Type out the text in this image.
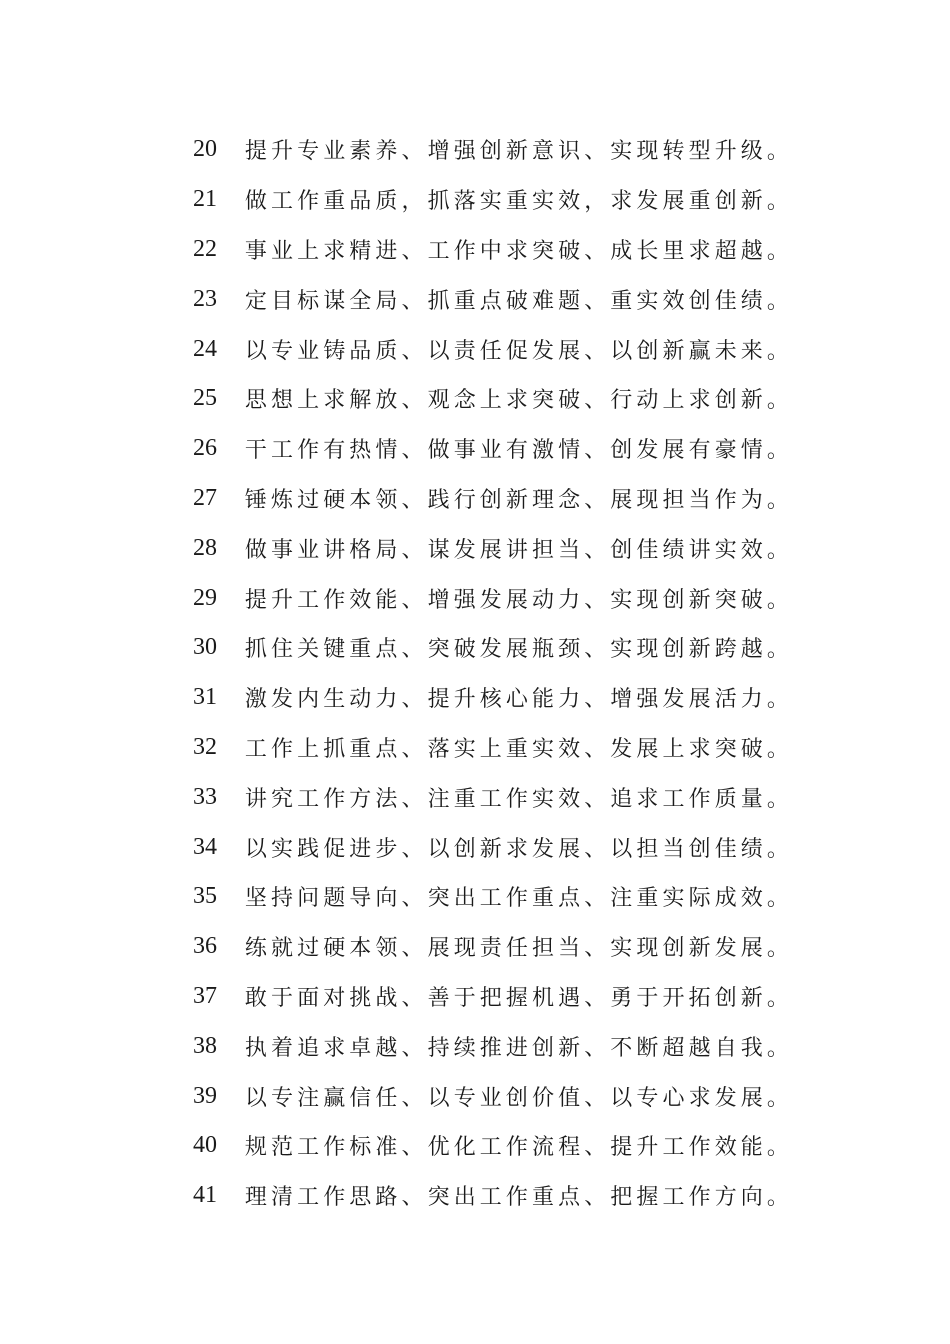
20	提升专业素养、增强创新意识、实现转型升级。
21	做工作重品质，抓落实重实效，求发展重创新。
22	事业上求精进、工作中求突破、成长里求超越。
23	定目标谋全局、抓重点破难题、重实效创佳绩。
24	以专业铸品质、以责任促发展、以创新赢未来。
25	思想上求解放、观念上求突破、行动上求创新。
26	干工作有热情、做事业有激情、创发展有豪情。
27	锤炼过硬本领、践行创新理念、展现担当作为。
28	做事业讲格局、谋发展讲担当、创佳绩讲实效。
29	提升工作效能、增强发展动力、实现创新突破。
30	抓住关键重点、突破发展瓶颈、实现创新跨越。
31	激发内生动力、提升核心能力、增强发展活力。
32	工作上抓重点、落实上重实效、发展上求突破。
33	讲究工作方法、注重工作实效、追求工作质量。
34	以实践促进步、以创新求发展、以担当创佳绩。
35	坚持问题导向、突出工作重点、注重实际成效。
36	练就过硬本领、展现责任担当、实现创新发展。
37	敢于面对挑战、善于把握机遇、勇于开拓创新。
38	执着追求卓越、持续推进创新、不断超越自我。
39	以专注赢信任、以专业创价值、以专心求发展。
40	规范工作标准、优化工作流程、提升工作效能。
41	理清工作思路、突出工作重点、把握工作方向。
